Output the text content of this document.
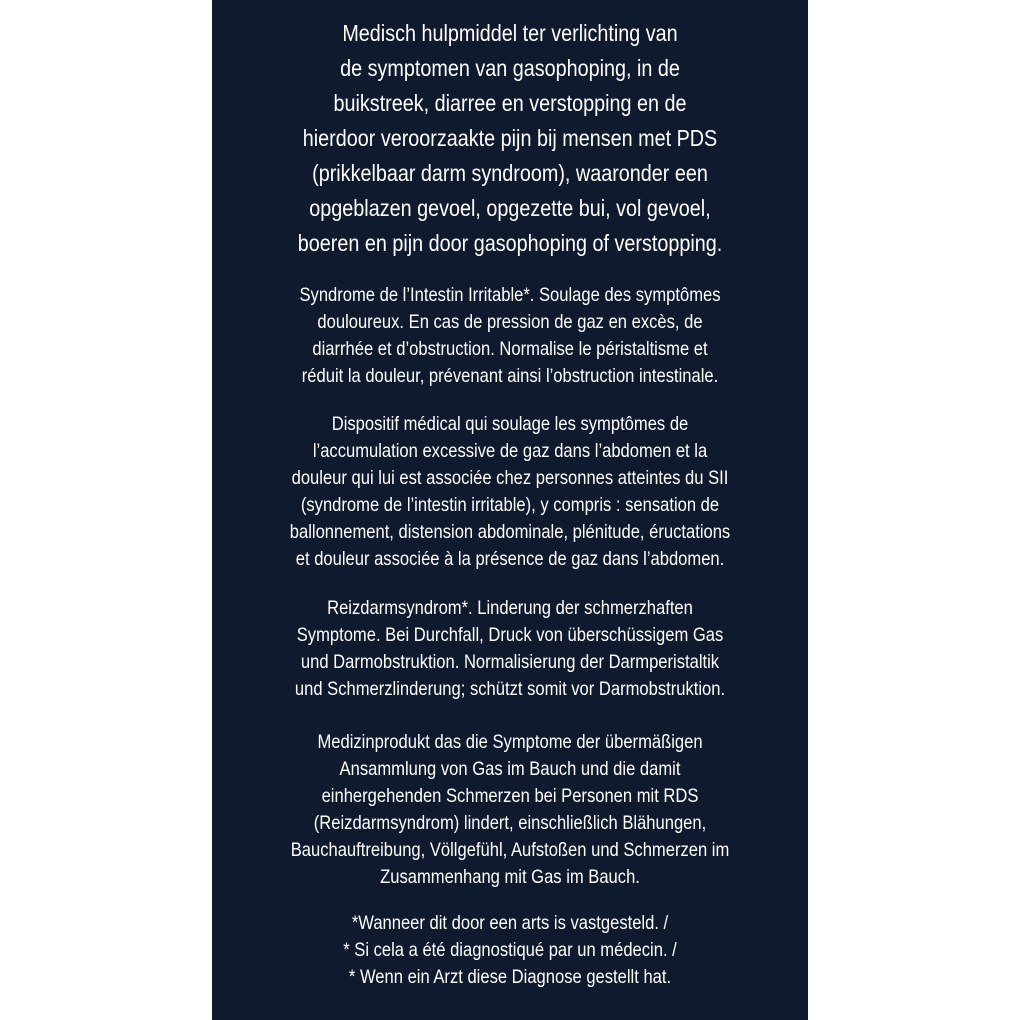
Medisch hulpmiddel ter verlichting van
de symptomen van gasophoping, in de
buikstreek, diarree en verstopping en de
hierdoor veroorzaakte pijn bij mensen met PDS
(prikkelbaar darm syndroom), waaronder een
opgeblazen gevoel, opgezette bui, vol gevoel,
boeren en pijn door gasophoping of verstopping.
Syndrome de l’Intestin Irritable*. Soulage des symptômes
douloureux. En cas de pression de gaz en excès, de
diarrhée et d’obstruction. Normalise le péristaltisme et
réduit la douleur, prévenant ainsi l’obstruction intestinale.
Dispositif médical qui soulage les symptômes de
l’accumulation excessive de gaz dans l’abdomen et la
douleur qui lui est associée chez personnes atteintes du SII
(syndrome de l’intestin irritable), y compris : sensation de
ballonnement, distension abdominale, plénitude, éructations
et douleur associée à la présence de gaz dans l’abdomen.
Reizdarmsyndrom*. Linderung der schmerzhaften
Symptome. Bei Durchfall, Druck von überschüssigem Gas
und Darmobstruktion. Normalisierung der Darmperistaltik
und Schmerzlinderung; schützt somit vor Darmobstruktion.
Medizinprodukt das die Symptome der übermäßigen
Ansammlung von Gas im Bauch und die damit
einhergehenden Schmerzen bei Personen mit RDS
(Reizdarmsyndrom) lindert, einschließlich Blähungen,
Bauchauftreibung, Völlgefühl, Aufstoßen und Schmerzen im
Zusammenhang mit Gas im Bauch.
*Wanneer dit door een arts is vastgesteld. /
* Si cela a été diagnostiqué par un médecin. /
* Wenn ein Arzt diese Diagnose gestellt hat.
